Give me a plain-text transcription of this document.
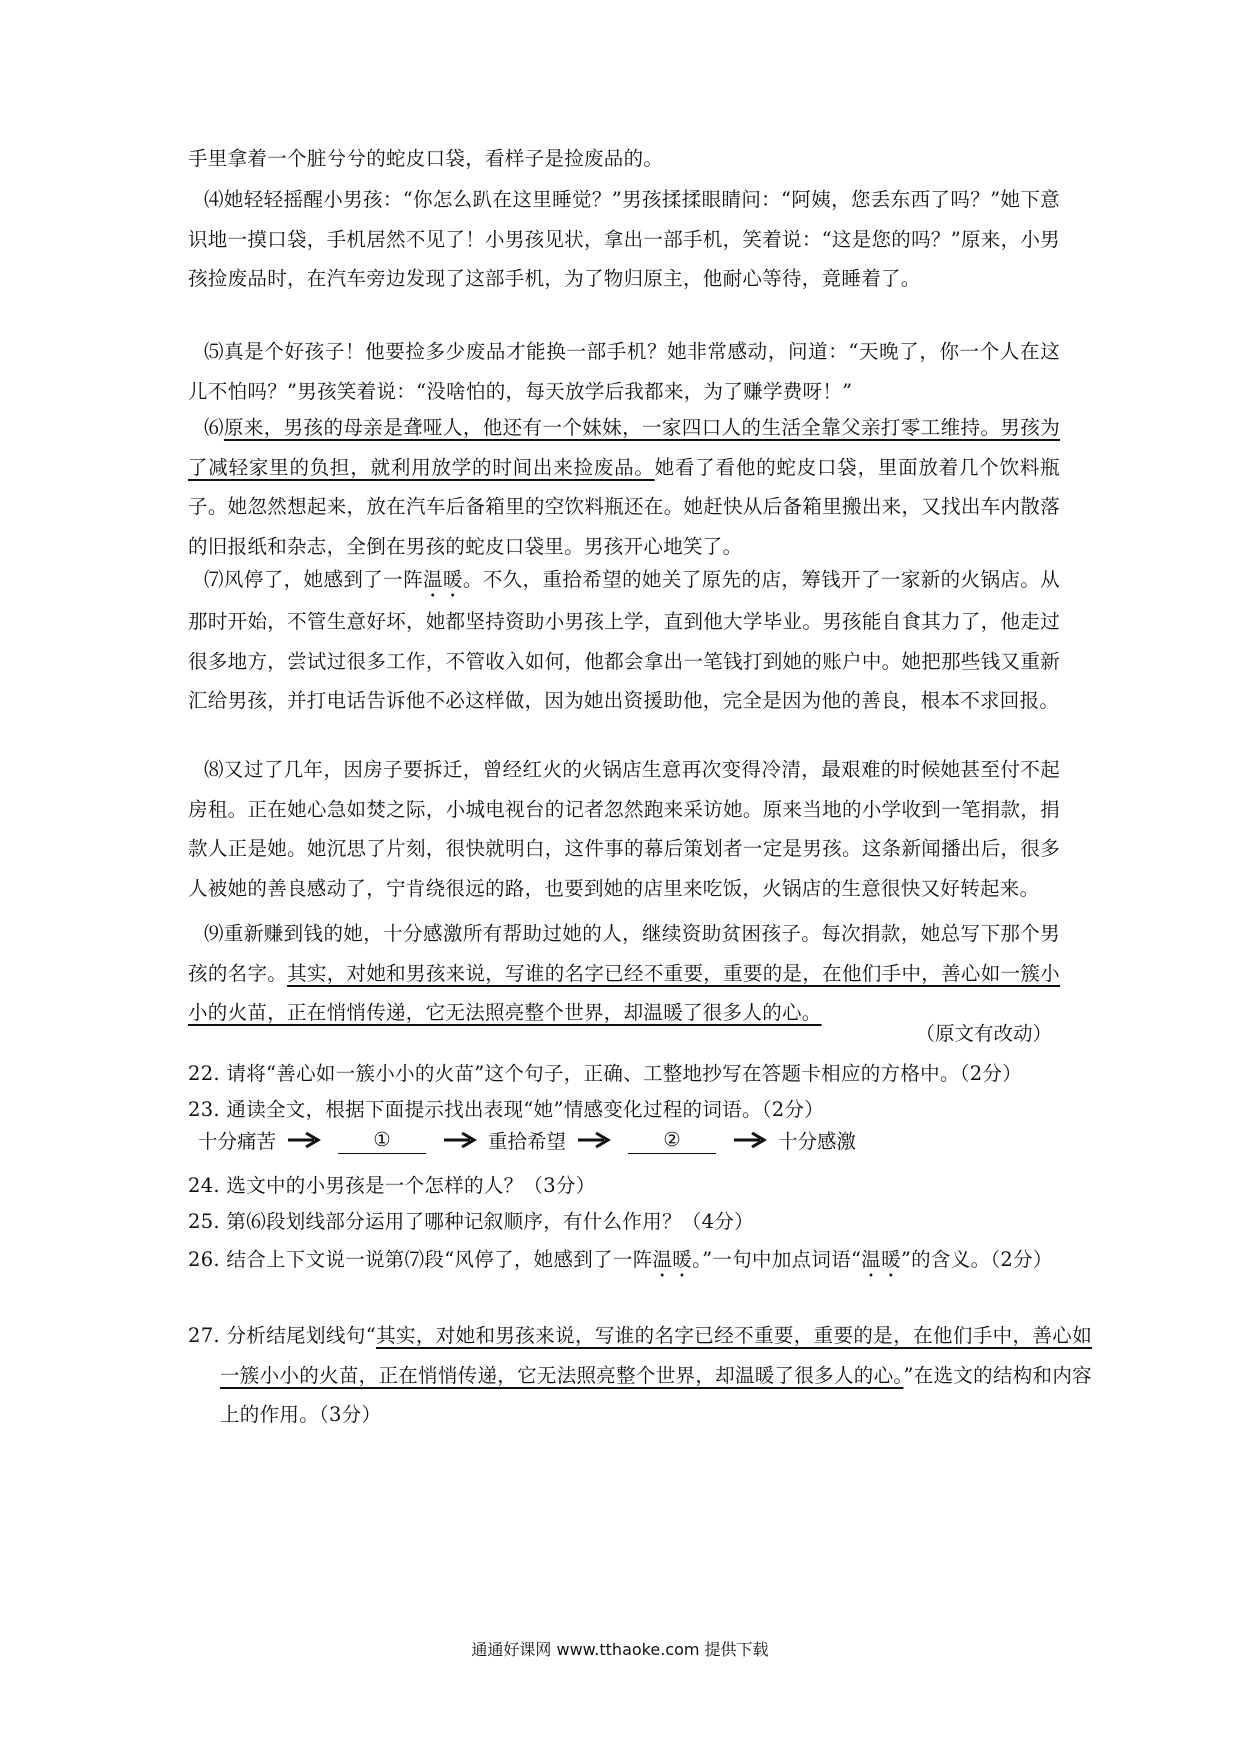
手里拿着一个脏兮兮的蛇皮口袋，看样子是捡废品的。

⑷她轻轻摇醒小男孩：“你怎么趴在这里睡觉？”男孩揉揉眼睛问：“阿姨，您丢东西了吗？”她下意识地一摸口袋，手机居然不见了！小男孩见状，拿出一部手机，笑着说：“这是您的吗？”原来，小男孩捡废品时，在汽车旁边发现了这部手机，为了物归原主，他耐心等待，竟睡着了。

⑸真是个好孩子！他要捡多少废品才能换一部手机？她非常感动，问道：“天晚了，你一个人在这儿不怕吗？”男孩笑着说：“没啥怕的，每天放学后我都来，为了赚学费呀！”

⑹原来，男孩的母亲是聋哑人，他还有一个妹妹，一家四口人的生活全靠父亲打零工维持。男孩为了减轻家里的负担，就利用放学的时间出来捡废品。她看了看他的蛇皮口袋，里面放着几个饮料瓶子。她忽然想起来，放在汽车后备箱里的空饮料瓶还在。她赶快从后备箱里搬出来，又找出车内散落的旧报纸和杂志，全倒在男孩的蛇皮口袋里。男孩开心地笑了。

⑺风停了，她感到了一阵温暖。不久，重拾希望的她关了原先的店，筹钱开了一家新的火锅店。从那时开始，不管生意好坏，她都坚持资助小男孩上学，直到他大学毕业。男孩能自食其力了，他走过很多地方，尝试过很多工作，不管收入如何，他都会拿出一笔钱打到她的账户中。她把那些钱又重新汇给男孩，并打电话告诉他不必这样做，因为她出资援助他，完全是因为他的善良，根本不求回报。

⑻又过了几年，因房子要拆迁，曾经红火的火锅店生意再次变得冷清，最艰难的时候她甚至付不起房租。正在她心急如焚之际，小城电视台的记者忽然跑来采访她。原来当地的小学收到一笔捐款，捐款人正是她。她沉思了片刻，很快就明白，这件事的幕后策划者一定是男孩。这条新闻播出后，很多人被她的善良感动了，宁肯绕很远的路，也要到她的店里来吃饭，火锅店的生意很快又好转起来。

⑼重新赚到钱的她，十分感激所有帮助过她的人，继续资助贫困孩子。每次捐款，她总写下那个男孩的名字。其实，对她和男孩来说，写谁的名字已经不重要，重要的是，在他们手中，善心如一簇小小的火苗，正在悄悄传递，它无法照亮整个世界，却温暖了很多人的心。

（原文有改动）

22. 请将“善心如一簇小小的火苗”这个句子，正确、工整地抄写在答题卡相应的方格中。（2分）

23. 通读全文，根据下面提示找出表现“她”情感变化过程的词语。（2分）

十分痛苦	①	重拾希望	②	十分感激

24. 选文中的小男孩是一个怎样的人？（3分）

25. 第⑹段划线部分运用了哪种记叙顺序，有什么作用？（4分）

26. 结合上下文说一说第⑺段“风停了，她感到了一阵温暖。”一句中加点词语“温暖”的含义。（2分）

27. 分析结尾划线句“其实，对她和男孩来说，写谁的名字已经不重要，重要的是，在他们手中，善心如一簇小小的火苗，正在悄悄传递，它无法照亮整个世界，却温暖了很多人的心。”在选文的结构和内容上的作用。（3分）

通通好课网 www.tthaoke.com 提供下载
